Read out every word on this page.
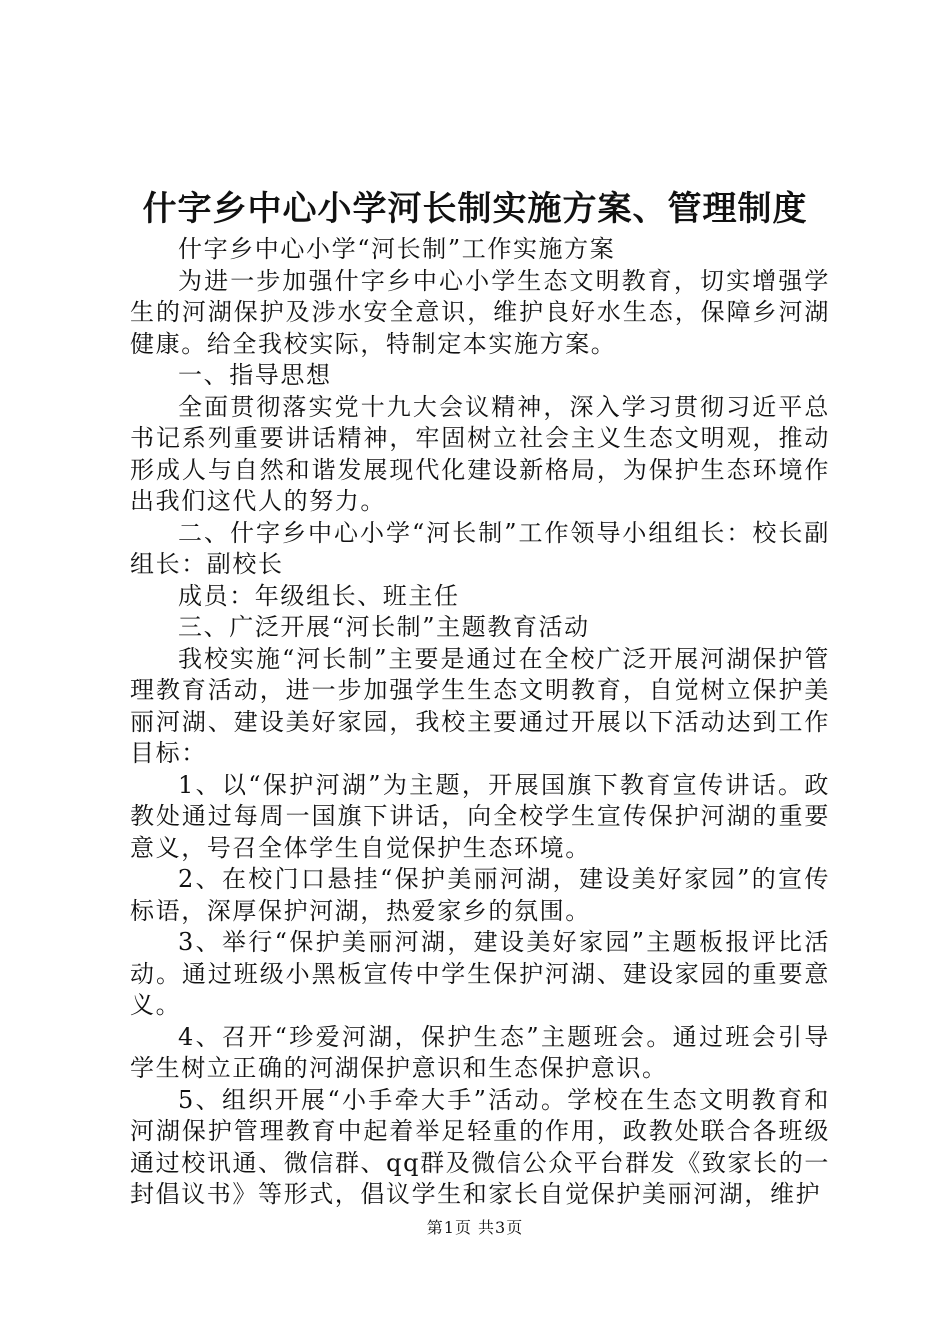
什字乡中心小学河长制实施方案、管理制度

什字乡中心小学“河长制”工作实施方案

为进一步加强什字乡中心小学生态文明教育，切实增强学生的河湖保护及涉水安全意识，维护良好水生态，保障乡河湖健康。给全我校实际，特制定本实施方案。

一、指导思想

全面贯彻落实党十九大会议精神，深入学习贯彻习近平总书记系列重要讲话精神，牢固树立社会主义生态文明观，推动形成人与自然和谐发展现代化建设新格局，为保护生态环境作出我们这代人的努力。

二、什字乡中心小学“河长制”工作领导小组组长：校长副组长：副校长

成员：年级组长、班主任

三、广泛开展“河长制”主题教育活动

我校实施“河长制”主要是通过在全校广泛开展河湖保护管理教育活动，进一步加强学生生态文明教育，自觉树立保护美丽河湖、建设美好家园，我校主要通过开展以下活动达到工作目标：

1、以“保护河湖”为主题，开展国旗下教育宣传讲话。政教处通过每周一国旗下讲话，向全校学生宣传保护河湖的重要意义，号召全体学生自觉保护生态环境。

2、在校门口悬挂“保护美丽河湖，建设美好家园”的宣传标语，深厚保护河湖，热爱家乡的氛围。

3、举行“保护美丽河湖，建设美好家园”主题板报评比活动。通过班级小黑板宣传中学生保护河湖、建设家园的重要意义。

4、召开“珍爱河湖，保护生态”主题班会。通过班会引导学生树立正确的河湖保护意识和生态保护意识。

5、组织开展“小手牵大手”活动。学校在生态文明教育和河湖保护管理教育中起着举足轻重的作用，政教处联合各班级通过校讯通、微信群、qq群及微信公众平台群发《致家长的一封倡议书》等形式，倡议学生和家长自觉保护美丽河湖，维护

第1页 共3页
